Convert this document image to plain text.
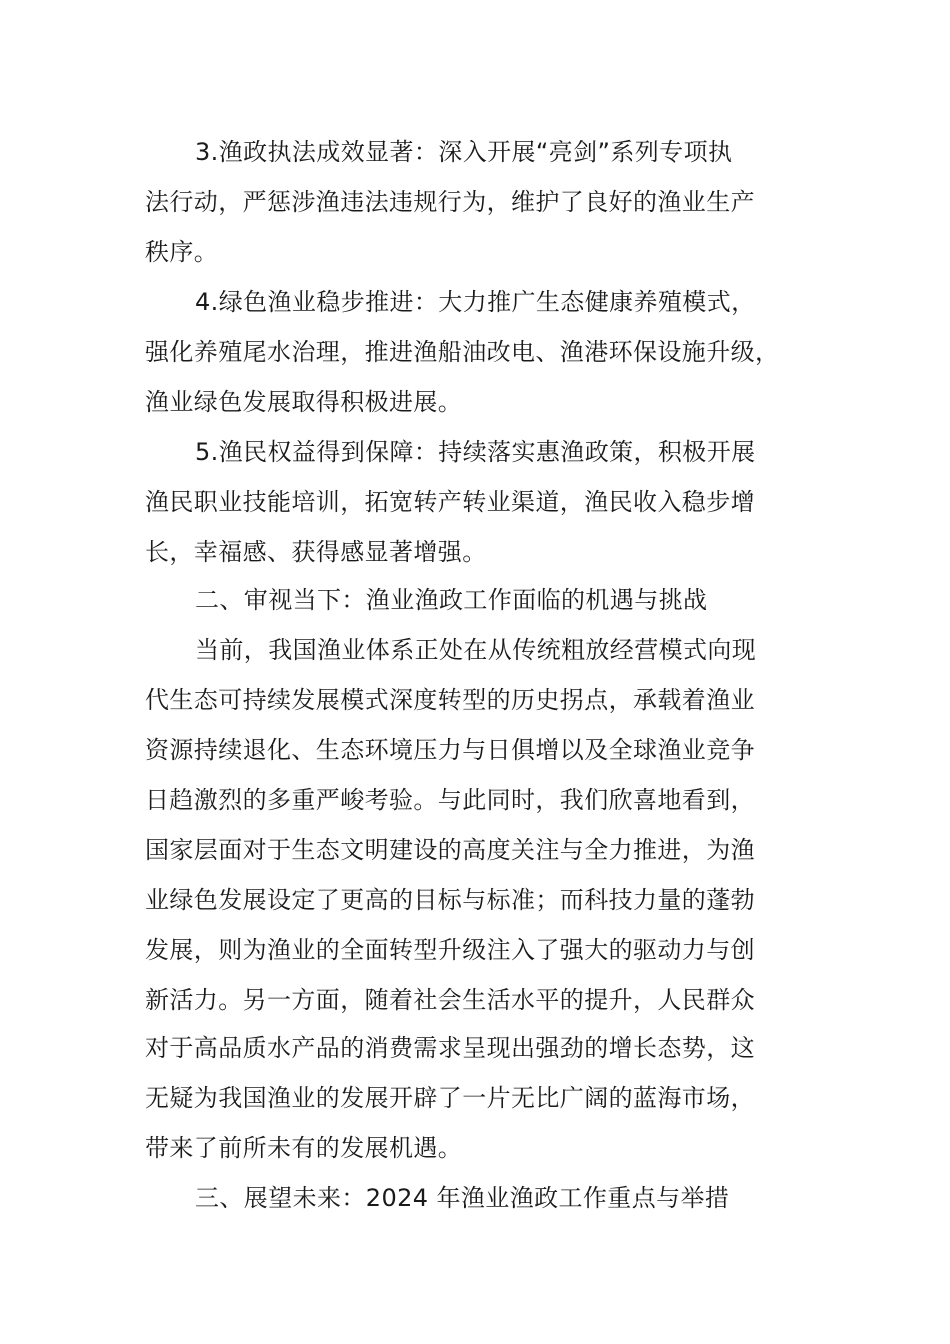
3.渔政执法成效显著：深入开展“亮剑”系列专项执
法行动，严惩涉渔违法违规行为，维护了良好的渔业生产
秩序。
4.绿色渔业稳步推进：大力推广生态健康养殖模式，
强化养殖尾水治理，推进渔船油改电、渔港环保设施升级，
渔业绿色发展取得积极进展。
5.渔民权益得到保障：持续落实惠渔政策，积极开展
渔民职业技能培训，拓宽转产转业渠道，渔民收入稳步增
长，幸福感、获得感显著增强。
二、审视当下：渔业渔政工作面临的机遇与挑战
当前，我国渔业体系正处在从传统粗放经营模式向现
代生态可持续发展模式深度转型的历史拐点，承载着渔业
资源持续退化、生态环境压力与日俱增以及全球渔业竞争
日趋激烈的多重严峻考验。与此同时，我们欣喜地看到，
国家层面对于生态文明建设的高度关注与全力推进，为渔
业绿色发展设定了更高的目标与标准；而科技力量的蓬勃
发展，则为渔业的全面转型升级注入了强大的驱动力与创
新活力。另一方面，随着社会生活水平的提升，人民群众
对于高品质水产品的消费需求呈现出强劲的增长态势，这
无疑为我国渔业的发展开辟了一片无比广阔的蓝海市场，
带来了前所未有的发展机遇。
三、展望未来：2024 年渔业渔政工作重点与举措
